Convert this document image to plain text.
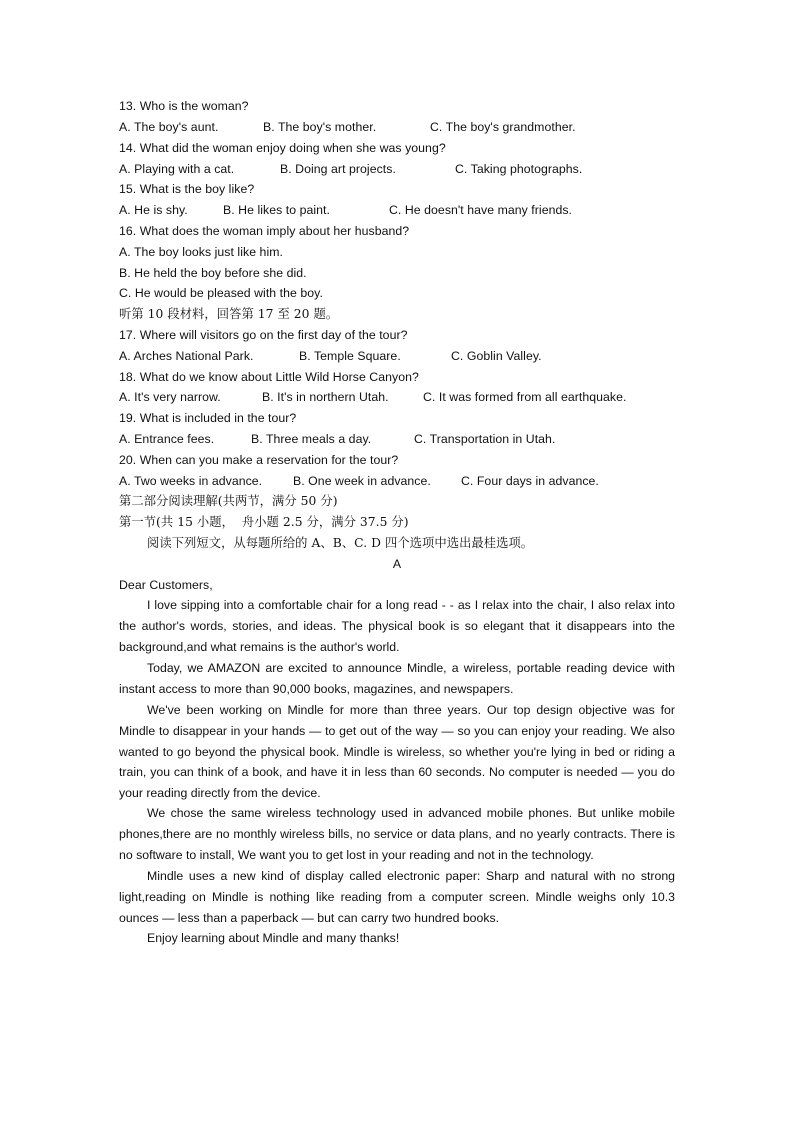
13. Who is the woman?

A. The boy's aunt.

	B. The boy's mother.

	C. The boy's grandmother.

14. What did the woman enjoy doing when she was young?

A. Playing with a cat.

	B. Doing art projects.

	C. Taking photographs.

15. What is the boy like?

A. He is shy.

	B. He likes to paint.

	C. He doesn't have many friends.

16. What does the woman imply about her husband?
A. The boy looks just like him.
B. He held the boy before she did.
C. He would be pleased with the boy.
听第 10 段材料，回答第 17 至 20 题。
17. Where will visitors go on the first day of the tour?

A. Arches National Park.

	B. Temple Square.

	C. Goblin Valley.

18. What do we know about Little Wild Horse Canyon?

A. It's very narrow.

	B. It's in northern Utah.

	C. It was formed from all earthquake.

19. What is included in the tour?

A. Entrance fees.

	B. Three meals a day.

	C. Transportation in Utah.

20. When can you make a reservation for the tour?

A. Two weeks in advance.

	B. One week in advance.

C. Four days in advance.

第二部分阅读理解(共两节，满分 50 分)
第一节(共 15 小题，  舟小题 2.5 分，满分 37.5 分)
阅读下列短文，从每题所给的 A、B、C. D 四个选项中选出最桂选项。
A
Dear Customers,
I love sipping into a comfortable chair for a long read - - as I relax into the chair, I also relax into the author's words, stories, and ideas. The physical book is so elegant that it disappears into the background,and what remains is the author's world.
Today, we AMAZON are excited to announce Mindle, a wireless, portable reading device with instant access to more than 90,000 books, magazines, and newspapers.
We've been working on Mindle for more than three years. Our top design objective was for Mindle to disappear in your hands — to get out of the way — so you can enjoy your reading. We also wanted to go beyond the physical book. Mindle is wireless, so whether you're lying in bed or riding a train, you can think of a book, and have it in less than 60 seconds. No computer is needed — you do your reading directly from the device.
We chose the same wireless technology used in advanced mobile phones. But unlike mobile phones,there are no monthly wireless bills, no service or data plans, and no yearly contracts. There is no software to install, We want you to get lost in your reading and not in the technology.
Mindle uses a new kind of display called electronic paper: Sharp and natural with no strong light,reading on Mindle is nothing like reading from a computer screen. Mindle weighs only 10.3 ounces — less than a paperback — but can carry two hundred books.
Enjoy learning about Mindle and many thanks!
